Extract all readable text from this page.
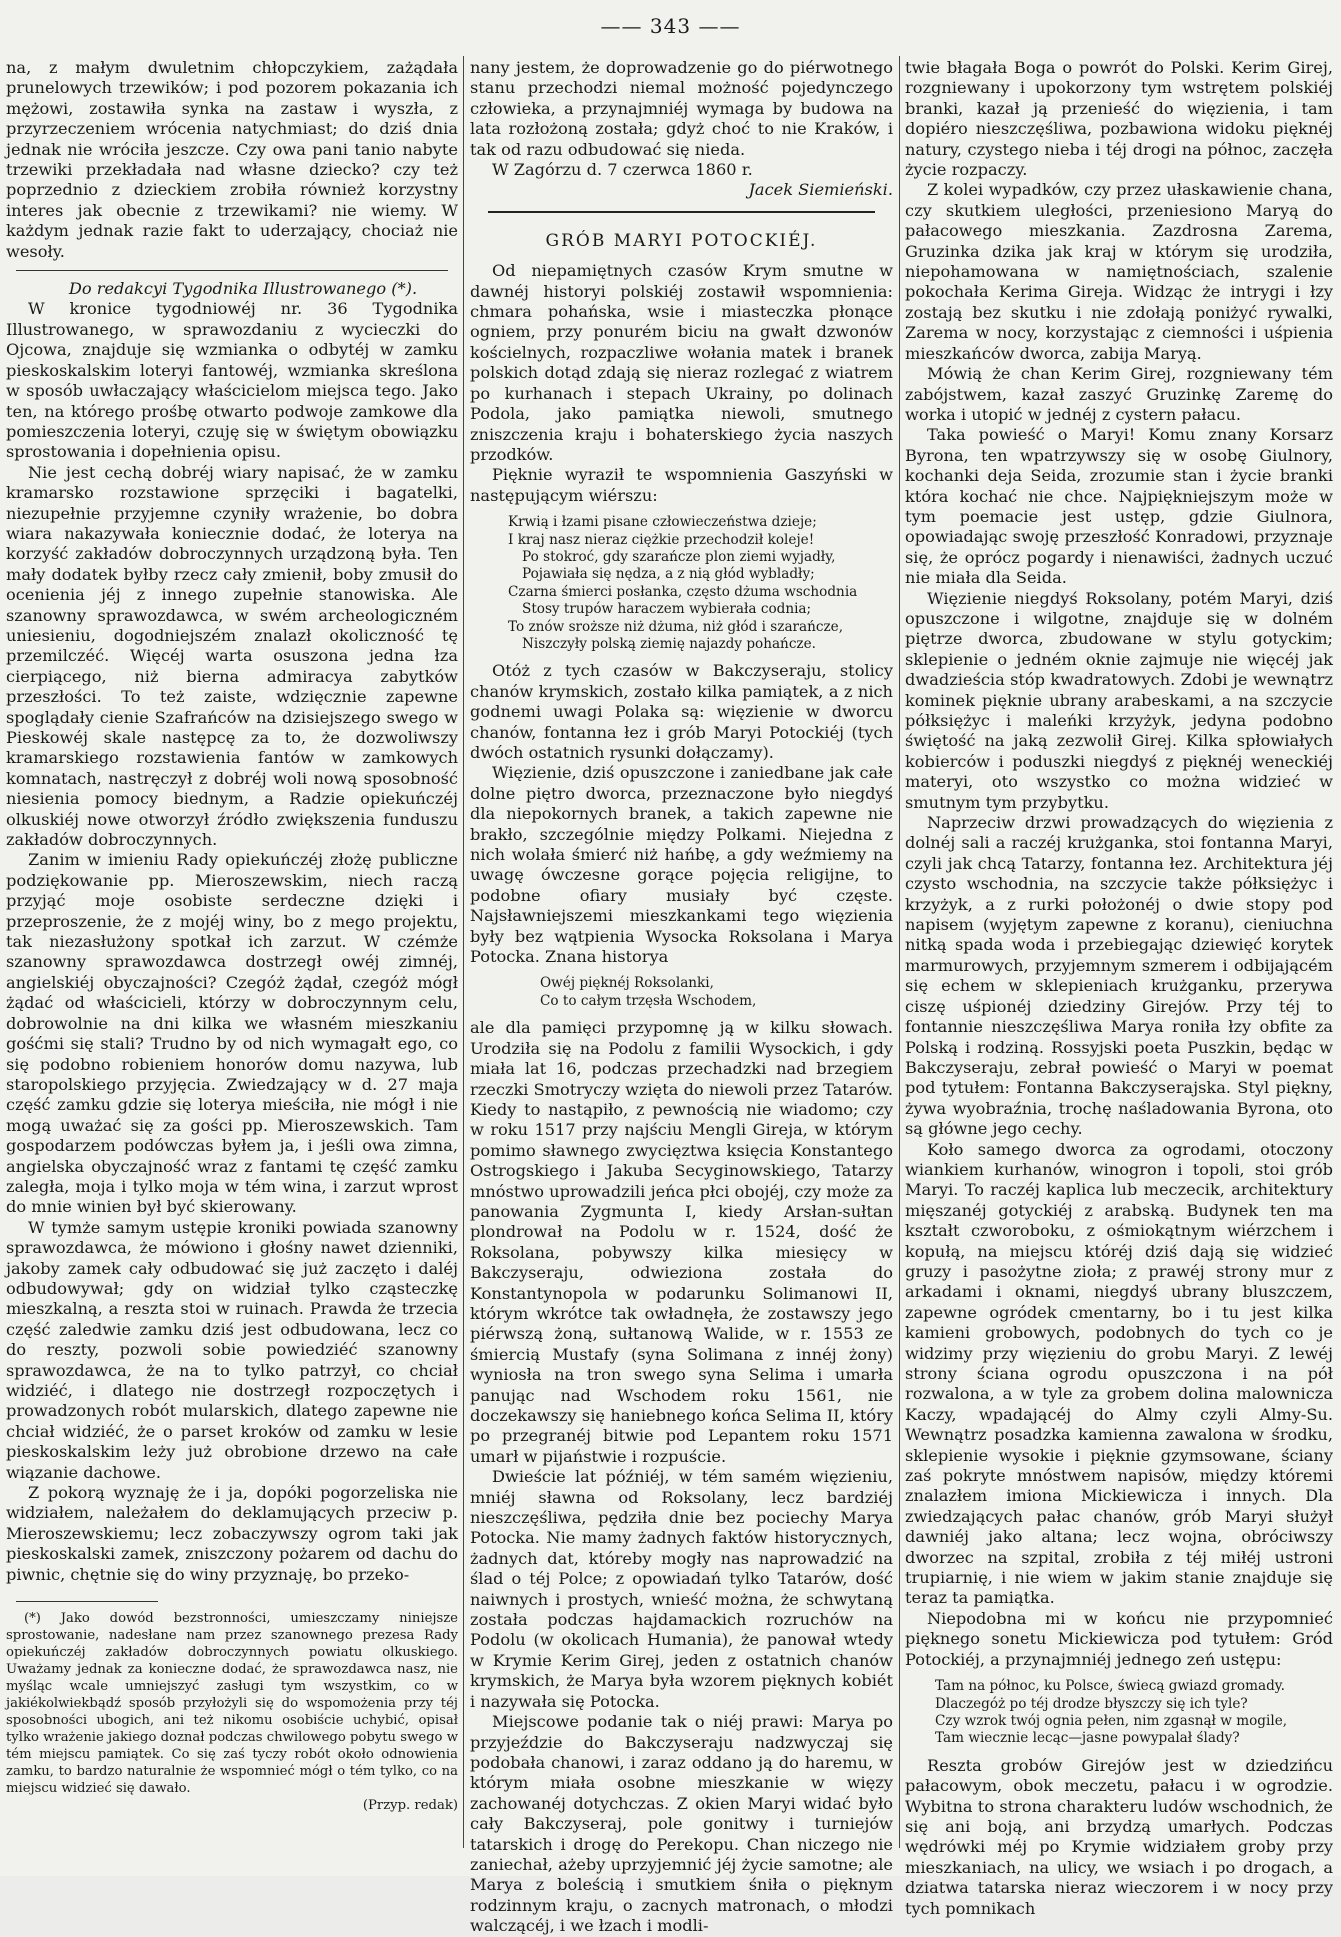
—— 343 ——

na, z małym dwuletnim chłopczykiem, zażądała prunelowych trzewików; i pod pozorem pokazania ich mężowi, zostawiła synka na zastaw i wyszła, z przyrzeczeniem wrócenia natychmiast; do dziś dnia jednak nie wróciła jeszcze. Czy owa pani tanio nabyte trzewiki przekładała nad własne dziecko? czy też poprzednio z dzieckiem zrobiła również korzystny interes jak obecnie z trzewikami? nie wiemy. W każdym jednak razie fakt to uderzający, chociaż nie wesoły.

Do redakcyi Tygodnika Illustrowanego (*).

W kronice tygodniowéj nr. 36 Tygodnika Illustrowanego, w sprawozdaniu z wycieczki do Ojcowa, znajduje się wzmianka o odbytéj w zamku pieskoskalskim loteryi fantowéj, wzmianka skreślona w sposób uwłaczający właścicielom miejsca tego. Jako ten, na którego prośbę otwarto podwoje zamkowe dla pomieszczenia loteryi, czuję się w świętym obowiązku sprostowania i dopełnienia opisu.

Nie jest cechą dobréj wiary napisać, że w zamku kramarsko rozstawione sprzęciki i bagatelki, niezupełnie przyjemne czyniły wrażenie, bo dobra wiara nakazywała koniecznie dodać, że loterya na korzyść zakładów dobroczynnych urządzoną była. Ten mały dodatek byłby rzecz cały zmienił, boby zmusił do ocenienia jéj z innego zupełnie stanowiska. Ale szanowny sprawozdawca, w swém archeologiczném uniesieniu, dogodniejszém znalazł okoliczność tę przemilczéć. Więcéj warta osuszona jedna łza cierpiącego, niż bierna admiracya zabytków przeszłości. To też zaiste, wdzięcznie zapewne spoglądały cienie Szafrańców na dzisiejszego swego w Pieskowéj skale następcę za to, że dozwoliwszy kramarskiego rozstawienia fantów w zamkowych komnatach, nastręczył z dobréj woli nową sposobność niesienia pomocy biednym, a Radzie opiekuńczéj olkuskiéj nowe otworzył źródło zwiększenia funduszu zakładów dobroczynnych.

Zanim w imieniu Rady opiekuńczéj złożę publiczne podziękowanie pp. Mieroszewskim, niech raczą przyjąć moje osobiste serdeczne dzięki i przeproszenie, że z mojéj winy, bo z mego projektu, tak niezasłużony spotkał ich zarzut. W czémże szanowny sprawozdawca dostrzegł owéj zimnéj, angielskiéj obyczajności? Czegóż żądał, czegóż mógł żądać od właścicieli, którzy w dobroczynnym celu, dobrowolnie na dni kilka we własném mieszkaniu gośćmi się stali? Trudno by od nich wymagałt ego, co się podobno robieniem honorów domu nazywa, lub staropolskiego przyjęcia. Zwiedzający w d. 27 maja część zamku gdzie się loterya mieściła, nie mógł i nie mogą uważać się za gości pp. Mieroszewskich. Tam gospodarzem podówczas byłem ja, i jeśli owa zimna, angielska obyczajność wraz z fantami tę część zamku zaległa, moja i tylko moja w tém wina, i zarzut wprost do mnie winien był być skierowany.

W tymże samym ustępie kroniki powiada szanowny sprawozdawca, że mówiono i głośny nawet dzienniki, jakoby zamek cały odbudować się już zaczęto i daléj odbudowywał; gdy on widział tylko cząsteczkę mieszkalną, a reszta stoi w ruinach. Prawda że trzecia część zaledwie zamku dziś jest odbudowana, lecz co do reszty, pozwoli sobie powiedziéć szanowny sprawozdawca, że na to tylko patrzył, co chciał widziéć, i dlatego nie dostrzegł rozpoczętych i prowadzonych robót mularskich, dlatego zapewne nie chciał widziéć, że o parset kroków od zamku w lesie pieskoskalskim leży już obrobione drzewo na całe wiązanie dachowe.

Z pokorą wyznaję że i ja, dopóki pogorzeliska nie widziałem, należałem do deklamujących przeciw p. Mieroszewskiemu; lecz zobaczywszy ogrom taki jak pieskoskalski zamek, zniszczony pożarem od dachu do piwnic, chętnie się do winy przyznaję, bo przeko-

(*) Jako dowód bezstronności, umieszczamy niniejsze sprostowanie, nadesłane nam przez szanownego prezesa Rady opiekuńczéj zakładów dobroczynnych powiatu olkuskiego. Uważamy jednak za konieczne dodać, że sprawozdawca nasz, nie myśląc wcale umniejszyć zasługi tym wszystkim, co w jakiékolwiekbądź sposób przyłożyli się do wspomożenia przy téj sposobności ubogich, ani też nikomu osobiście uchybić, opisał tylko wrażenie jakiego doznał podczas chwilowego pobytu swego w tém miejscu pamiątek. Co się zaś tyczy robót około odnowienia zamku, to bardzo naturalnie że wspomnieć mógł o tém tylko, co na miejscu widzieć się dawało.

(Przyp. redak)

nany jestem, że doprowadzenie go do piérwotnego stanu przechodzi niemal możność pojedynczego człowieka, a przynajmniéj wymaga by budowa na lata rozłożoną została; gdyż choć to nie Kraków, i tak od razu odbudować się nieda.

W Zagórzu d. 7 czerwca 1860 r.

Jacek Siemieński.

GRÓB MARYI POTOCKIÉJ.

Od niepamiętnych czasów Krym smutne w dawnéj historyi polskiéj zostawił wspomnienia: chmara pohańska, wsie i miasteczka płonące ogniem, przy ponurém biciu na gwałt dzwonów kościelnych, rozpaczliwe wołania matek i branek polskich dotąd zdają się nieraz rozlegać z wiatrem po kurhanach i stepach Ukrainy, po dolinach Podola, jako pamiątka niewoli, smutnego zniszczenia kraju i bohaterskiego życia naszych przodków.

Pięknie wyraził te wspomnienia Gaszyński w następującym wiérszu:

Krwią i łzami pisane człowieczeństwa dzieje;
I kraj nasz nieraz ciężkie przechodził koleje!
Po stokroć, gdy szarańcze plon ziemi wyjadły,
Pojawiała się nędza, a z nią głód wybladły;
Czarna śmierci posłanka, często dżuma wschodnia
Stosy trupów haraczem wybierała codnia;
To znów sroższe niż dżuma, niż głód i szarańcze,
Niszczyły polską ziemię najazdy pohańcze.

Otóż z tych czasów w Bakczyseraju, stolicy chanów krymskich, zostało kilka pamiątek, a z nich godnemi uwagi Polaka są: więzienie w dworcu chanów, fontanna łez i grób Maryi Potockiéj (tych dwóch ostatnich rysunki dołączamy).

Więzienie, dziś opuszczone i zaniedbane jak całe dolne piętro dworca, przeznaczone było niegdyś dla niepokornych branek, a takich zapewne nie brakło, szczególnie między Polkami. Niejedna z nich wolała śmierć niż hańbę, a gdy weźmiemy na uwagę ówczesne gorące pojęcia religijne, to podobne ofiary musiały być częste. Najsławniejszemi mieszkankami tego więzienia były bez wątpienia Wysocka Roksolana i Marya Potocka. Znana historya

Owéj pięknéj Roksolanki,
Co to całym trzęsła Wschodem,

ale dla pamięci przypomnę ją w kilku słowach. Urodziła się na Podolu z familii Wysockich, i gdy miała lat 16, podczas przechadzki nad brzegiem rzeczki Smotryczy wzięta do niewoli przez Tatarów. Kiedy to nastąpiło, z pewnością nie wiadomo; czy w roku 1517 przy najściu Mengli Gireja, w którym pomimo sławnego zwycięztwa księcia Konstantego Ostrogskiego i Jakuba Secyginowskiego, Tatarzy mnóstwo uprowadzili jeńca płci obojéj, czy może za panowania Zygmunta I, kiedy Arsłan-sułtan plondrował na Podolu w r. 1524, dość że Roksolana, pobywszy kilka miesięcy w Bakczyseraju, odwieziona została do Konstantynopola w podarunku Solimanowi II, którym wkrótce tak owładnęła, że zostawszy jego piérwszą żoną, sułtanową Walide, w r. 1553 ze śmiercią Mustafy (syna Solimana z innéj żony) wyniosła na tron swego syna Selima i umarła panując nad Wschodem roku 1561, nie doczekawszy się haniebnego końca Selima II, który po przegranéj bitwie pod Lepantem roku 1571 umarł w pijaństwie i rozpuście.

Dwieście lat późniéj, w tém samém więzieniu, mniéj sławna od Roksolany, lecz bardziéj nieszczęśliwa, pędziła dnie bez pociechy Marya Potocka. Nie mamy żadnych faktów historycznych, żadnych dat, któreby mogły nas naprowadzić na ślad o téj Polce; z opowiadań tylko Tatarów, dość naiwnych i prostych, wnieść można, że schwytaną została podczas hajdamackich rozruchów na Podolu (w okolicach Humania), że panował wtedy w Krymie Kerim Girej, jeden z ostatnich chanów krymskich, że Marya była wzorem pięknych kobiét i nazywała się Potocka.

Miejscowe podanie tak o niéj prawi: Marya po przyjeździe do Bakczyseraju nadzwyczaj się podobała chanowi, i zaraz oddano ją do haremu, w którym miała osobne mieszkanie w więzy zachowanéj dotychczas. Z okien Maryi widać było cały Bakczyseraj, pole gonitwy i turniejów tatarskich i drogę do Perekopu. Chan niczego nie zaniechał, ażeby uprzyjemnić jéj życie samotne; ale Marya z boleścią i smutkiem śniła o pięknym rodzinnym kraju, o zacnych matronach, o młodzi walczącéj, i we łzach i modli-

twie błagała Boga o powrót do Polski. Kerim Girej, rozgniewany i upokorzony tym wstrętem polskiéj branki, kazał ją przenieść do więzienia, i tam dopiéro nieszczęśliwa, pozbawiona widoku pięknéj natury, czystego nieba i téj drogi na północ, zaczęła życie rozpaczy.

Z kolei wypadków, czy przez ułaskawienie chana, czy skutkiem uległości, przeniesiono Maryą do pałacowego mieszkania. Zazdrosna Zarema, Gruzinka dzika jak kraj w którym się urodziła, niepohamowana w namiętnościach, szalenie pokochała Kerima Gireja. Widząc że intrygi i łzy zostają bez skutku i nie zdołają poniżyć rywalki, Zarema w nocy, korzystając z ciemności i uśpienia mieszkańców dworca, zabija Maryą.

Mówią że chan Kerim Girej, rozgniewany tém zabójstwem, kazał zaszyć Gruzinkę Zaremę do worka i utopić w jednéj z cystern pałacu.

Taka powieść o Maryi! Komu znany Korsarz Byrona, ten wpatrzywszy się w osobę Giulnory, kochanki deja Seida, zrozumie stan i życie branki która kochać nie chce. Najpiękniejszym może w tym poemacie jest ustęp, gdzie Giulnora, opowiadając swoję przeszłość Konradowi, przyznaje się, że oprócz pogardy i nienawiści, żadnych uczuć nie miała dla Seida.

Więzienie niegdyś Roksolany, potém Maryi, dziś opuszczone i wilgotne, znajduje się w dolném piętrze dworca, zbudowane w stylu gotyckim; sklepienie o jedném oknie zajmuje nie więcéj jak dwadzieścia stóp kwadratowych. Zdobi je wewnątrz kominek pięknie ubrany arabeskami, a na szczycie półksiężyc i maleńki krzyżyk, jedyna podobno świętość na jaką zezwolił Girej. Kilka spłowiałych kobierców i poduszki niegdyś z pięknéj weneckiéj materyi, oto wszystko co można widzieć w smutnym tym przybytku.

Naprzeciw drzwi prowadzących do więzienia z dolnéj sali a raczéj krużganka, stoi fontanna Maryi, czyli jak chcą Tatarzy, fontanna łez. Architektura jéj czysto wschodnia, na szczycie także półksiężyc i krzyżyk, a z rurki położonéj o dwie stopy pod napisem (wyjętym zapewne z koranu), cieniuchna nitką spada woda i przebiegając dziewięć korytek marmurowych, przyjemnym szmerem i odbijającém się echem w sklepieniach krużganku, przerywa ciszę uśpionéj dziedziny Girejów. Przy téj to fontannie nieszczęśliwa Marya roniła łzy obfite za Polską i rodziną. Rossyjski poeta Puszkin, będąc w Bakczyseraju, zebrał powieść o Maryi w poemat pod tytułem: Fontanna Bakczyserajska. Styl piękny, żywa wyobraźnia, trochę naśladowania Byrona, oto są główne jego cechy.

Koło samego dworca za ogrodami, otoczony wiankiem kurhanów, winogron i topoli, stoi grób Maryi. To raczéj kaplica lub meczecik, architektury mięszanéj gotyckiéj z arabską. Budynek ten ma kształt czworoboku, z ośmiokątnym wiérzchem i kopułą, na miejscu któréj dziś dają się widzieć gruzy i pasożytne zioła; z prawéj strony mur z arkadami i oknami, niegdyś ubrany bluszczem, zapewne ogródek cmentarny, bo i tu jest kilka kamieni grobowych, podobnych do tych co je widzimy przy więzieniu do grobu Maryi. Z lewéj strony ściana ogrodu opuszczona i na pół rozwalona, a w tyle za grobem dolina malownicza Kaczy, wpadającéj do Almy czyli Almy-Su. Wewnątrz posadzka kamienna zawalona w środku, sklepienie wysokie i pięknie gzymsowane, ściany zaś pokryte mnóstwem napisów, między któremi znalazłem imiona Mickiewicza i innych. Dla zwiedzających pałac chanów, grób Maryi służył dawniéj jako altana; lecz wojna, obróciwszy dworzec na szpital, zrobiła z téj miłéj ustroni trupiarnię, i nie wiem w jakim stanie znajduje się teraz ta pamiątka.

Niepodobna mi w końcu nie przypomnieć pięknego sonetu Mickiewicza pod tytułem: Gród Potockiéj, a przynajmniéj jednego zeń ustępu:

Tam na północ, ku Polsce, świecą gwiazd gromady.
Dlaczegóż po téj drodze błyszczy się ich tyle?
Czy wzrok twój ognia pełen, nim zgasnął w mogile,
Tam wiecznie lecąc—jasne powypalał ślady?

Reszta grobów Girejów jest w dziedzińcu pałacowym, obok meczetu, pałacu i w ogrodzie. Wybitna to strona charakteru ludów wschodnich, że się ani boją, ani brzydzą umarłych. Podczas wędrówki méj po Krymie widziałem groby przy mieszkaniach, na ulicy, we wsiach i po drogach, a dziatwa tatarska nieraz wieczorem i w nocy przy tych pomnikach
